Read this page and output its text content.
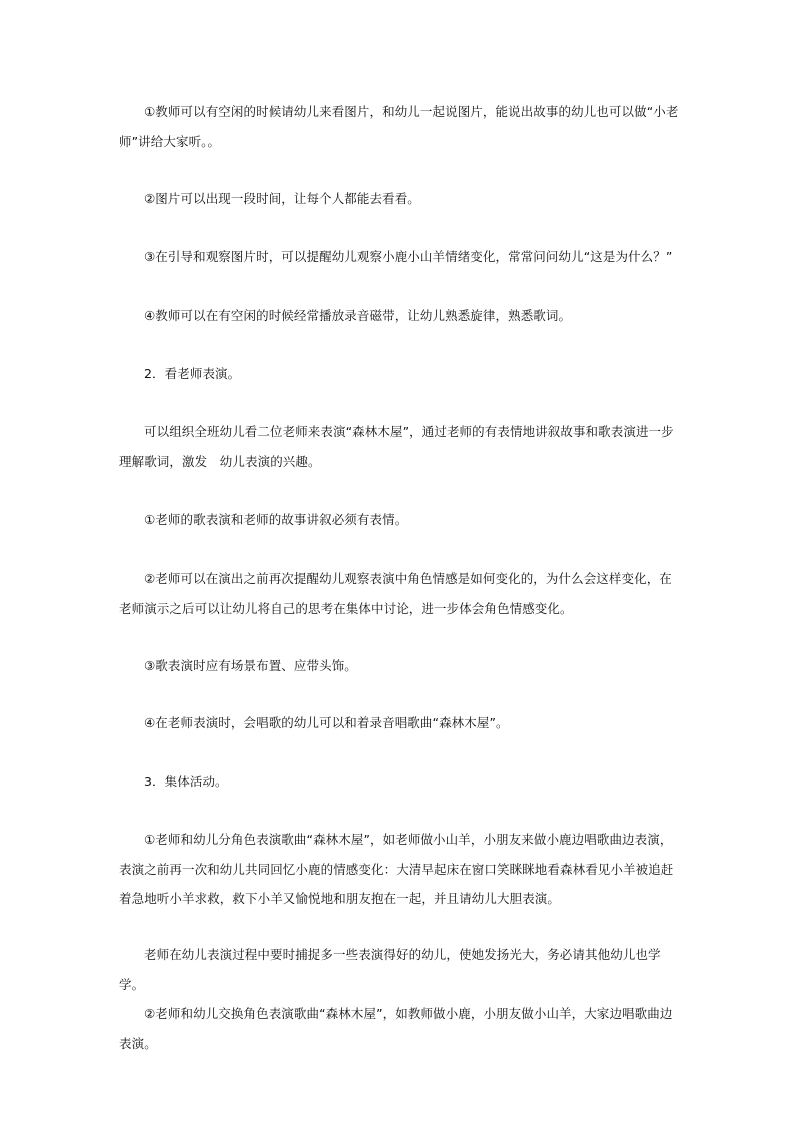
①教师可以有空闲的时候请幼儿来看图片，和幼儿一起说图片，能说出故事的幼儿也可以做“小老师”讲给大家听。。

②图片可以出现一段时间，让每个人都能去看看。

③在引导和观察图片时，可以提醒幼儿观察小鹿小山羊情绪变化，常常问问幼儿“这是为什么？”

④教师可以在有空闲的时候经常播放录音磁带，让幼儿熟悉旋律，熟悉歌词。

2．看老师表演。

可以组织全班幼儿看二位老师来表演“森林木屋”，通过老师的有表情地讲叙故事和歌表演进一步理解歌词，激发　幼儿表演的兴趣。

①老师的歌表演和老师的故事讲叙必须有表情。

②老师可以在演出之前再次提醒幼儿观察表演中角色情感是如何变化的，为什么会这样变化，在老师演示之后可以让幼儿将自己的思考在集体中讨论，进一步体会角色情感变化。

③歌表演时应有场景布置、应带头饰。

④在老师表演时，会唱歌的幼儿可以和着录音唱歌曲“森林木屋”。

3．集体活动。

①老师和幼儿分角色表演歌曲“森林木屋”，如老师做小山羊，小朋友来做小鹿边唱歌曲边表演，表演之前再一次和幼儿共同回忆小鹿的情感变化：大清早起床在窗口笑眯眯地看森林看见小羊被追赶着急地听小羊求救，救下小羊又愉悦地和朋友抱在一起，并且请幼儿大胆表演。

老师在幼儿表演过程中要时捕捉多一些表演得好的幼儿，使她发扬光大，务必请其他幼儿也学学。

②老师和幼儿交换角色表演歌曲“森林木屋”，如教师做小鹿，小朋友做小山羊，大家边唱歌曲边表演。
